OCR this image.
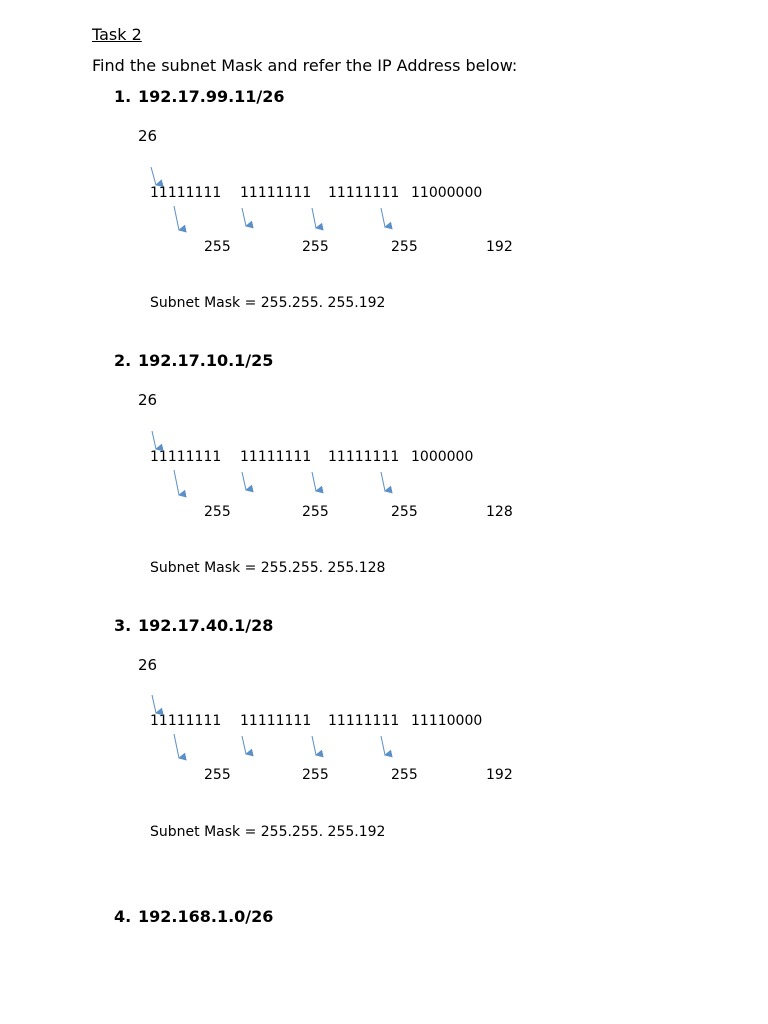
Task 2
Find the subnet Mask and refer the IP Address below:
1. 192.17.99.11/26
26
11111111 11111111 11111111 11000000
255	255	255	192
Subnet Mask = 255.255. 255.192
2. 192.17.10.1/25
26
11111111 11111111 11111111 1000000
255	255	255	128
Subnet Mask = 255.255. 255.128
3. 192.17.40.1/28
26
11111111 11111111 11111111 11110000
255	255	255	192
Subnet Mask = 255.255. 255.192
4. 192.168.1.0/26
